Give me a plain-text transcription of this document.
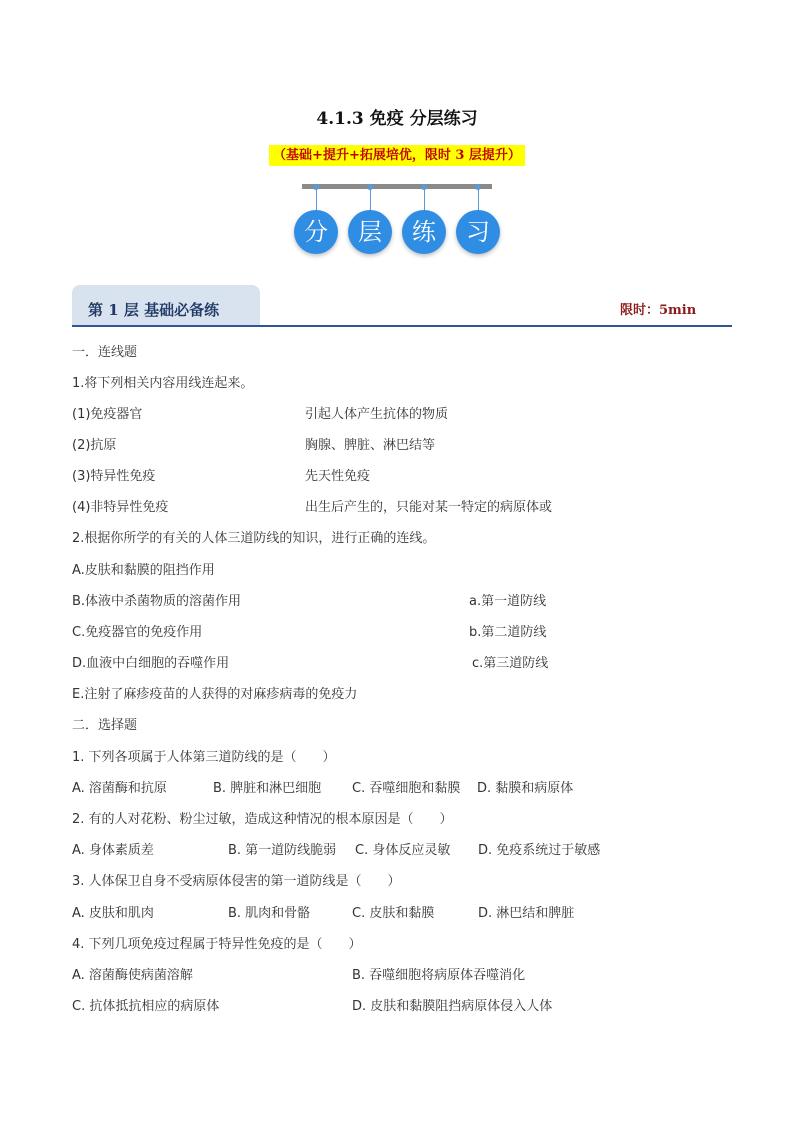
4.1.3 免疫 分层练习
（基础+提升+拓展培优，限时 3 层提升）
分	层	练	习
第 1 层 基础必备练	限时：5min
一．连线题
1.将下列相关内容用线连起来。
(1)免疫器官	引起人体产生抗体的物质
(2)抗原	胸腺、脾脏、淋巴结等
(3)特异性免疫	先天性免疫
(4)非特异性免疫	出生后产生的，只能对某一特定的病原体或
2.根据你所学的有关的人体三道防线的知识，进行正确的连线。
A.皮肤和黏膜的阻挡作用
B.体液中杀菌物质的溶菌作用	a.第一道防线
C.免疫器官的免疫作用	b.第二道防线
D.血液中白细胞的吞噬作用	c.第三道防线
E.注射了麻疹疫苗的人获得的对麻疹病毒的免疫力
二．选择题
1. 下列各项属于人体第三道防线的是（　　）
A. 溶菌酶和抗原	B. 脾脏和淋巴细胞 C. 吞噬细胞和黏膜 D. 黏膜和病原体
2. 有的人对花粉、粉尘过敏，造成这种情况的根本原因是（　　）
A. 身体素质差	B. 第一道防线脆弱 C. 身体反应灵敏 D. 免疫系统过于敏感
3. 人体保卫自身不受病原体侵害的第一道防线是（　　）
A. 皮肤和肌肉	B. 肌肉和骨骼	C. 皮肤和黏膜	D. 淋巴结和脾脏
4. 下列几项免疫过程属于特异性免疫的是（　　）
A. 溶菌酶使病菌溶解	B. 吞噬细胞将病原体吞噬消化
C. 抗体抵抗相应的病原体	D. 皮肤和黏膜阻挡病原体侵入人体
